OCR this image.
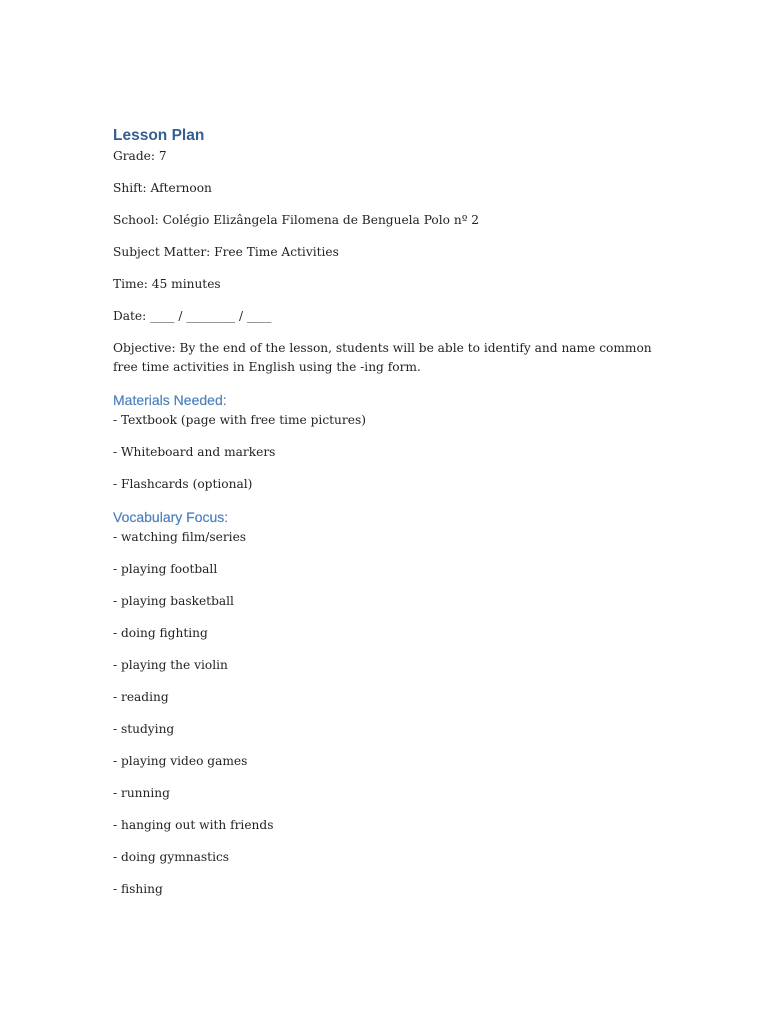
Lesson Plan
Grade: 7
Shift: Afternoon
School: Colégio Elizângela Filomena de Benguela Polo nº 2
Subject Matter: Free Time Activities
Time: 45 minutes
Date: ____ / ________ / ____
Objective: By the end of the lesson, students will be able to identify and name common free time activities in English using the -ing form.
Materials Needed:
- Textbook (page with free time pictures)
- Whiteboard and markers
- Flashcards (optional)
Vocabulary Focus:
- watching film/series
- playing football
- playing basketball
- doing fighting
- playing the violin
- reading
- studying
- playing video games
- running
- hanging out with friends
- doing gymnastics
- fishing
